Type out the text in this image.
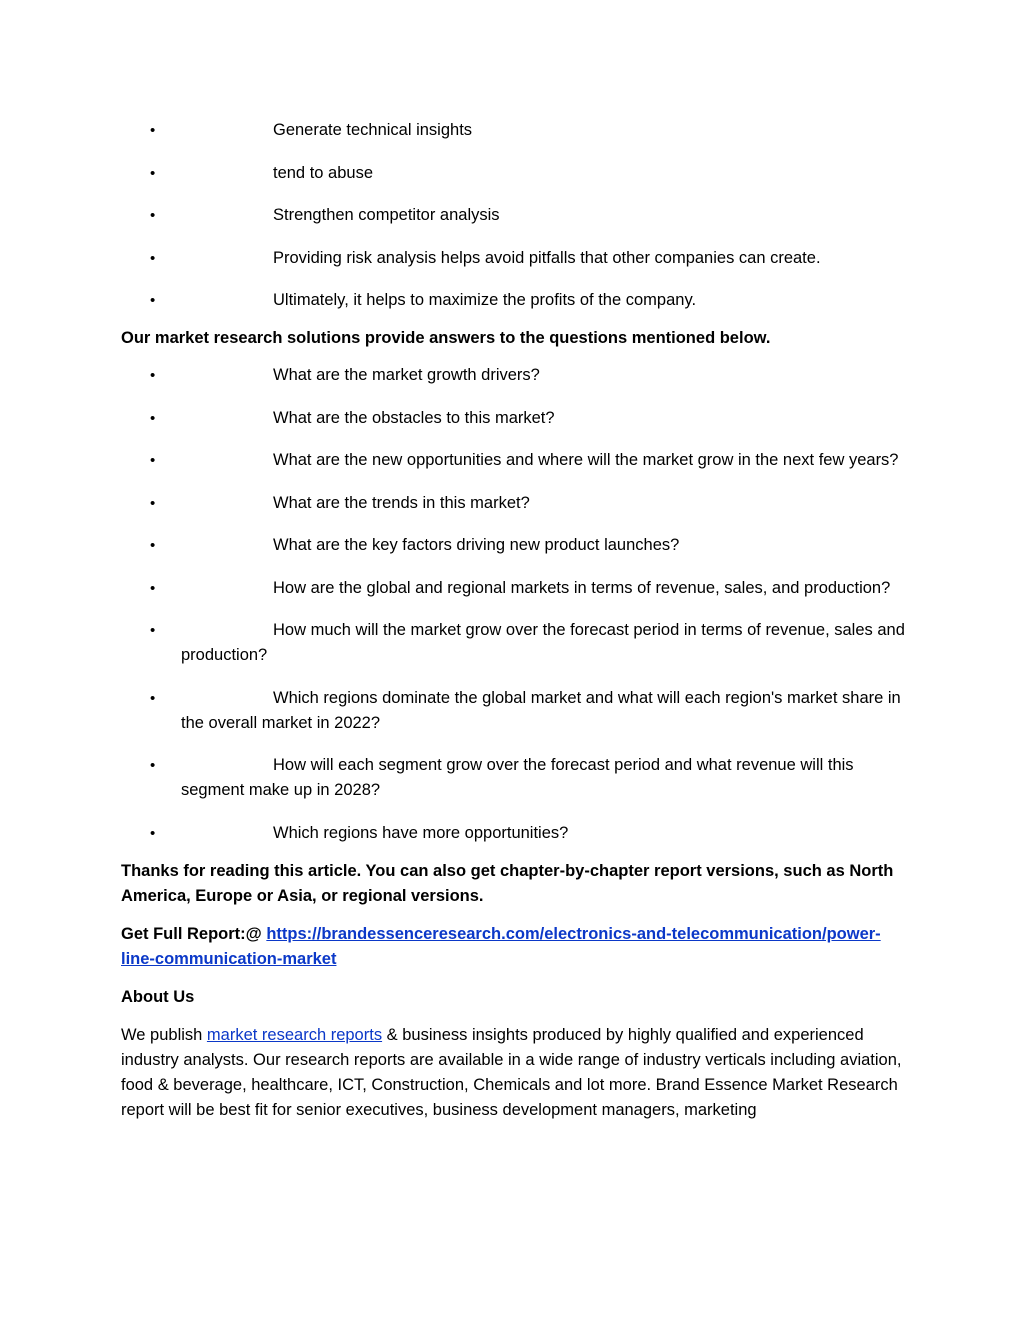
•	Generate technical insights
•	tend to abuse
•	Strengthen competitor analysis
•	Providing risk analysis helps avoid pitfalls that other companies can create.
•	Ultimately, it helps to maximize the profits of the company.

Our market research solutions provide answers to the questions mentioned below.

•	What are the market growth drivers?
•	What are the obstacles to this market?
•	What are the new opportunities and where will the market grow in the next few years?
•	What are the trends in this market?
•	What are the key factors driving new product launches?
•	How are the global and regional markets in terms of revenue, sales, and production?
•	How much will the market grow over the forecast period in terms of revenue, sales and production?
•	Which regions dominate the global market and what will each region's market share in the overall market in 2022?
•	How will each segment grow over the forecast period and what revenue will this segment make up in 2028?
•	Which regions have more opportunities?

Thanks for reading this article. You can also get chapter-by-chapter report versions, such as North America, Europe or Asia, or regional versions.

Get Full Report:@ https://brandessenceresearch.com/electronics-and-telecommunication/power-line-communication-market

About Us

We publish market research reports & business insights produced by highly qualified and experienced industry analysts. Our research reports are available in a wide range of industry verticals including aviation, food & beverage, healthcare, ICT, Construction, Chemicals and lot more. Brand Essence Market Research report will be best fit for senior executives, business development managers, marketing
